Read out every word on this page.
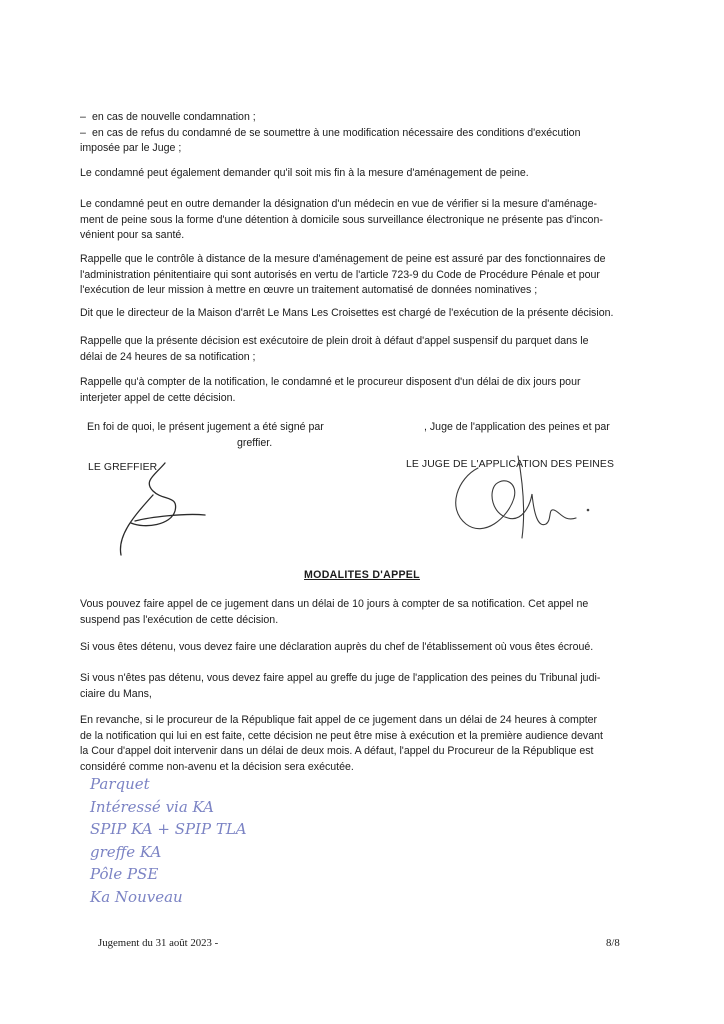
– en cas de nouvelle condamnation ;
– en cas de refus du condamné de se soumettre à une modification nécessaire des conditions d'exécution
imposée par le Juge ;
Le condamné peut également demander qu'il soit mis fin à la mesure d'aménagement de peine.
Le condamné peut en outre demander la désignation d'un médecin en vue de vérifier si la mesure d'aménage-
ment de peine sous la forme d'une détention à domicile sous surveillance électronique ne présente pas d'incon-
vénient pour sa santé.
Rappelle que le contrôle à distance de la mesure d'aménagement de peine est assuré par des fonctionnaires de
l'administration pénitentiaire qui sont autorisés en vertu de l'article 723-9 du Code de Procédure Pénale et pour
l'exécution de leur mission à mettre en œuvre un traitement automatisé de données nominatives ;
Dit que le directeur de la Maison d'arrêt Le Mans Les Croisettes est chargé de l'exécution de la présente décision.
Rappelle que la présente décision est exécutoire de plein droit à défaut d'appel suspensif du parquet dans le
délai de 24 heures de sa notification ;
Rappelle qu'à compter de la notification, le condamné et le procureur disposent d'un délai de dix jours pour
interjeter appel de cette décision.
En foi de quoi, le présent jugement a été signé par	, Juge de l'application des peines et par
greffier.
LE GREFFIER	LE JUGE DE L'APPLICATION DES PEINES
MODALITES D'APPEL
Vous pouvez faire appel de ce jugement dans un délai de 10 jours à compter de sa notification. Cet appel ne
suspend pas l'exécution de cette décision.
Si vous êtes détenu, vous devez faire une déclaration auprès du chef de l'établissement où vous êtes écroué.
Si vous n'êtes pas détenu, vous devez faire appel au greffe du juge de l'application des peines du Tribunal judi-
ciaire du Mans,
En revanche, si le procureur de la République fait appel de ce jugement dans un délai de 24 heures à compter
de la notification qui lui en est faite, cette décision ne peut être mise à exécution et la première audience devant
la Cour d'appel doit intervenir dans un délai de deux mois. A défaut, l'appel du Procureur de la République est
considéré comme non-avenu et la décision sera exécutée.
Parquet
Intéressé via KA
SPIP KA + SPIP TLA
greffe KA
Pôle PSE
Ka Nouveau
Jugement du 31 août 2023 -	8/8
